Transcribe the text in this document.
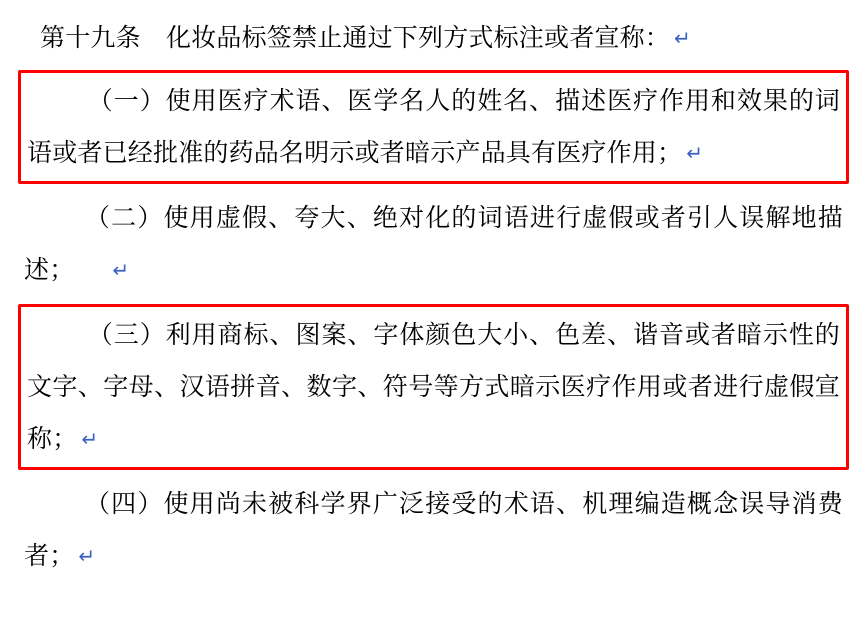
第十九条　化妆品标签禁止通过下列方式标注或者宣称： ↵

（一）使用医疗术语、医学名人的姓名、描述医疗作用和效果的词语或者已经批准的药品名明示或者暗示产品具有医疗作用； ↵

（二）使用虚假、夸大、绝对化的词语进行虚假或者引人误解地描述； ↵

（三）利用商标、图案、字体颜色大小、色差、谐音或者暗示性的文字、字母、汉语拼音、数字、符号等方式暗示医疗作用或者进行虚假宣称； ↵

（四）使用尚未被科学界广泛接受的术语、机理编造概念误导消费者； ↵
